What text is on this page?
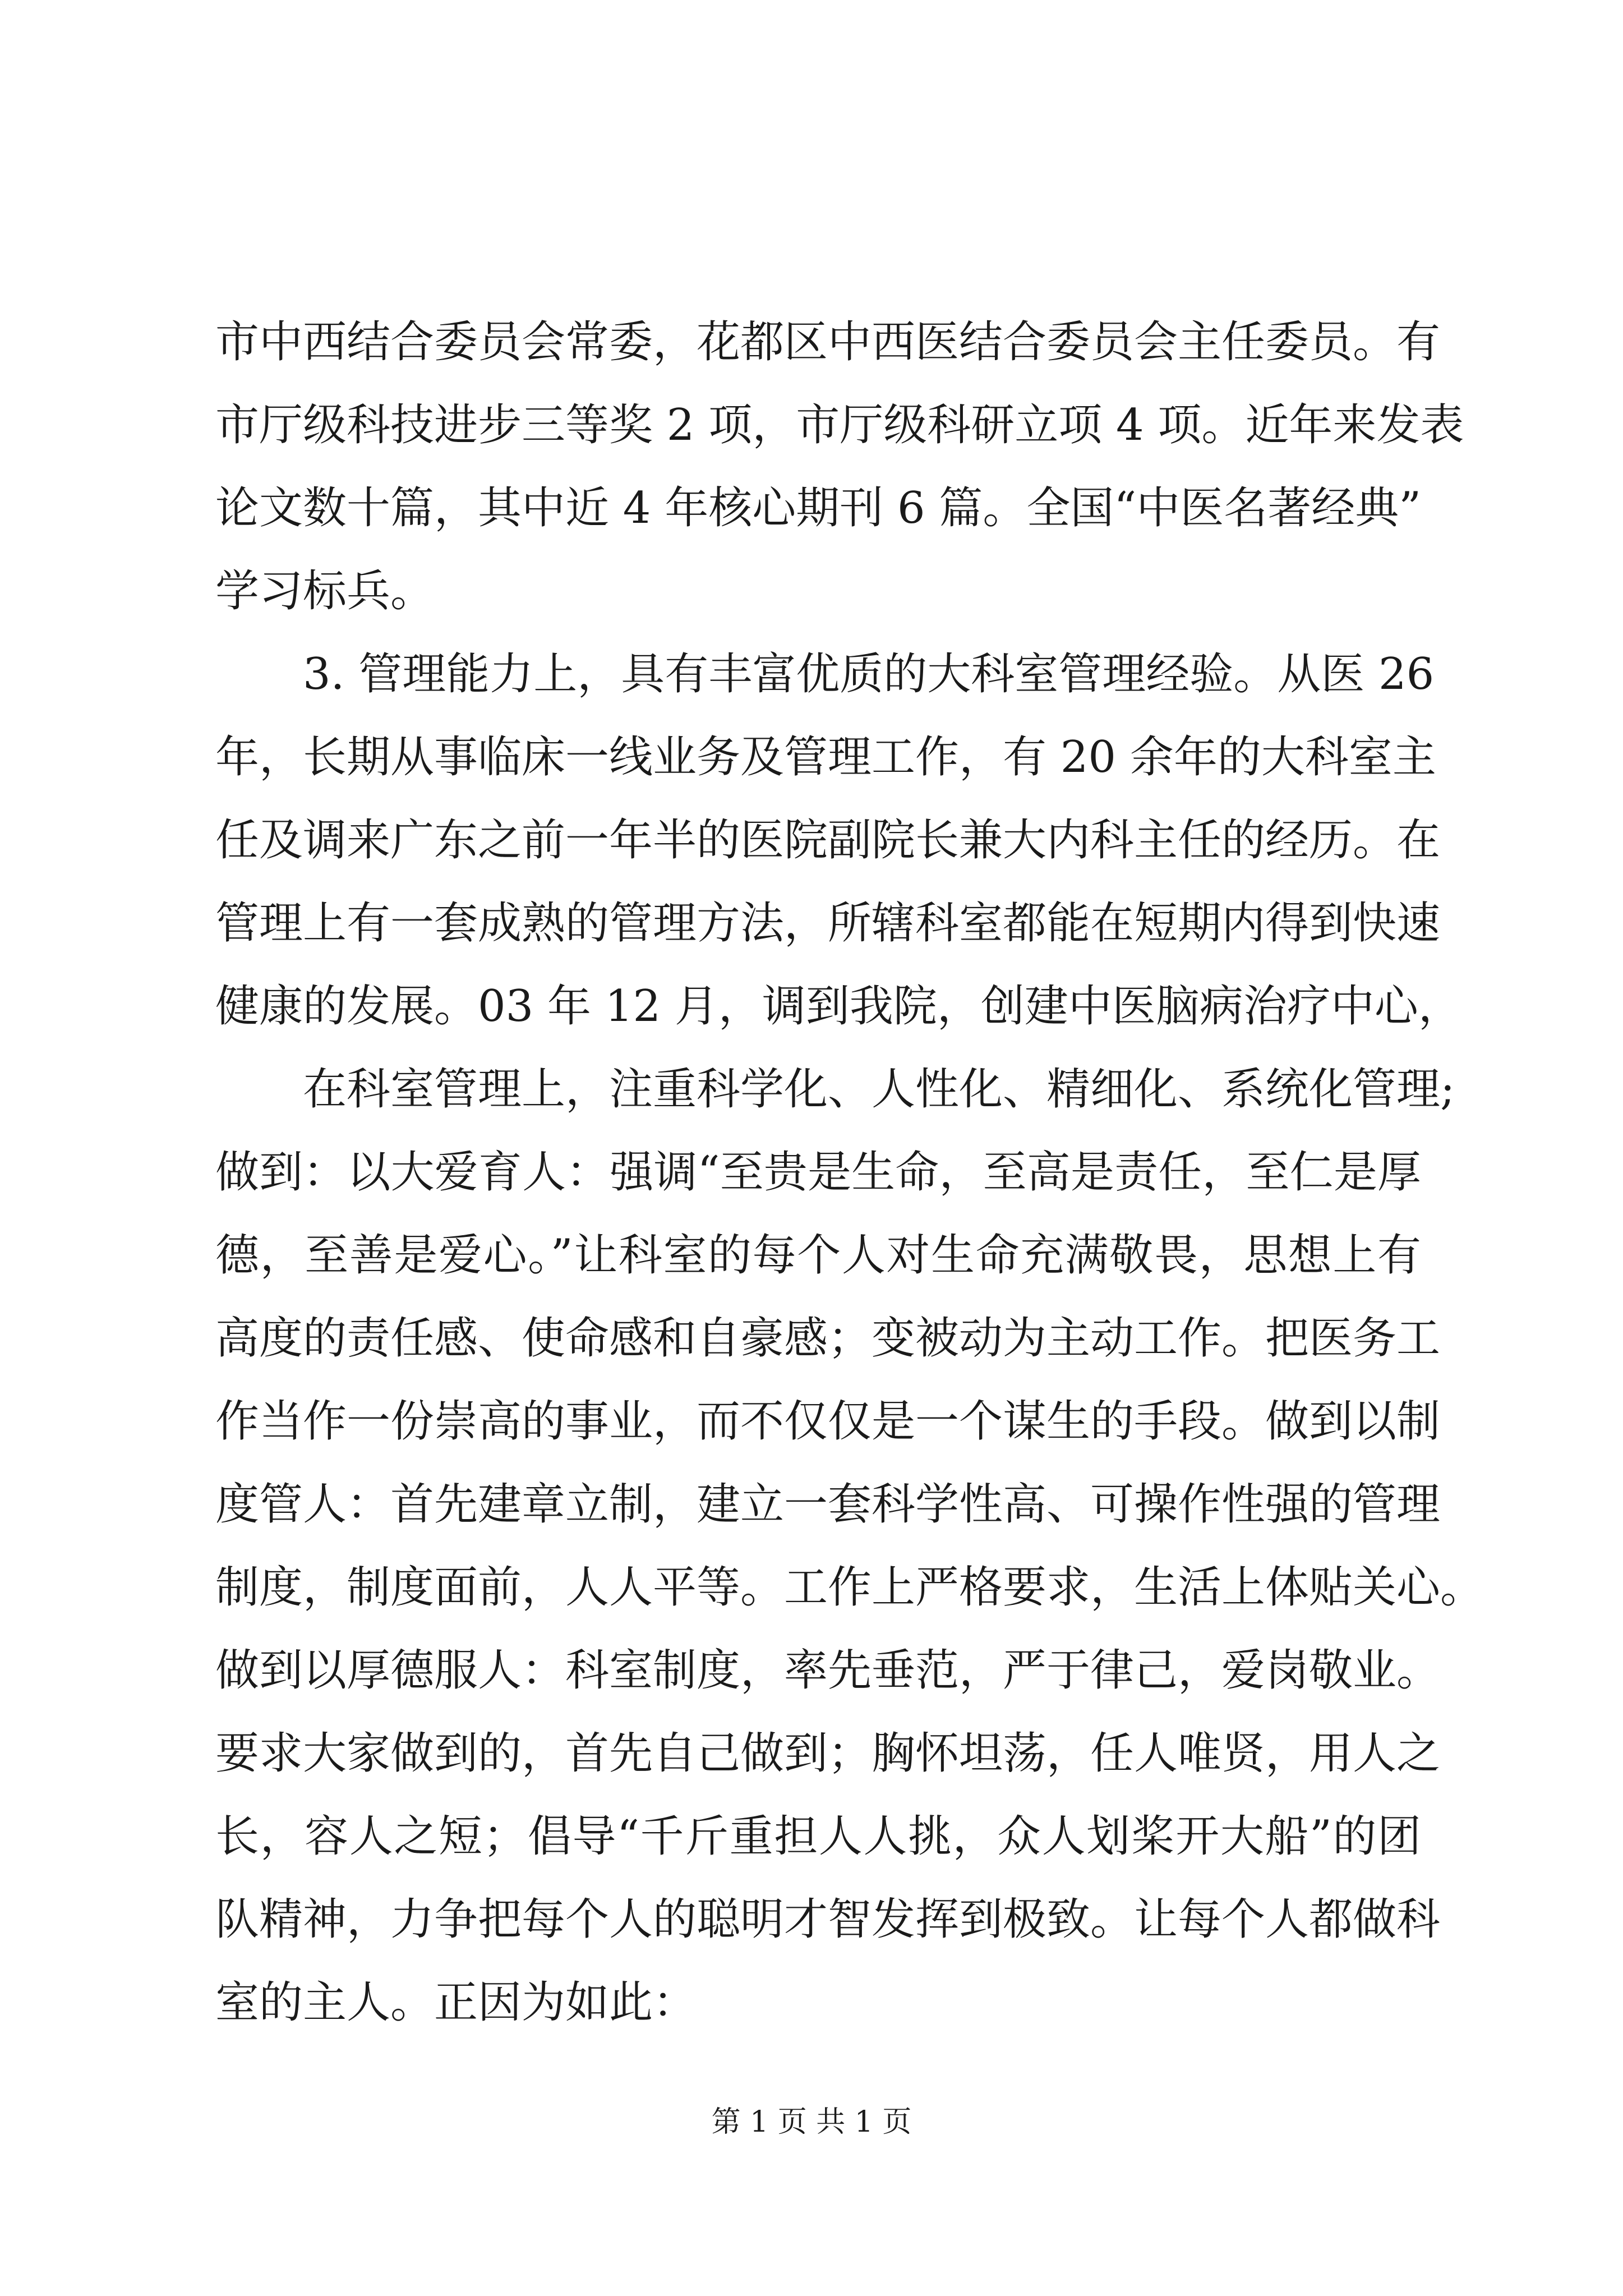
市中西结合委员会常委，花都区中西医结合委员会主任委员。有
市厅级科技进步三等奖 2 项，市厅级科研立项 4 项。近年来发表
论文数十篇，其中近 4 年核心期刊 6 篇。全国“中医名著经典”
学习标兵。
　　3. 管理能力上，具有丰富优质的大科室管理经验。从医 26
年，长期从事临床一线业务及管理工作，有 20 余年的大科室主
任及调来广东之前一年半的医院副院长兼大内科主任的经历。在
管理上有一套成熟的管理方法，所辖科室都能在短期内得到快速
健康的发展。03 年 12 月，调到我院，创建中医脑病治疗中心，
　　在科室管理上，注重科学化、人性化、精细化、系统化管理;
做到：以大爱育人：强调“至贵是生命，至高是责任，至仁是厚
德，至善是爱心。”让科室的每个人对生命充满敬畏，思想上有
高度的责任感、使命感和自豪感；变被动为主动工作。把医务工
作当作一份崇高的事业，而不仅仅是一个谋生的手段。做到以制
度管人：首先建章立制，建立一套科学性高、可操作性强的管理
制度，制度面前，人人平等。工作上严格要求，生活上体贴关心。
做到以厚德服人：科室制度，率先垂范，严于律己，爱岗敬业。
要求大家做到的，首先自己做到；胸怀坦荡，任人唯贤，用人之
长，容人之短；倡导“千斤重担人人挑，众人划桨开大船”的团
队精神，力争把每个人的聪明才智发挥到极致。让每个人都做科
室的主人。正因为如此：
第 1 页 共 1 页
